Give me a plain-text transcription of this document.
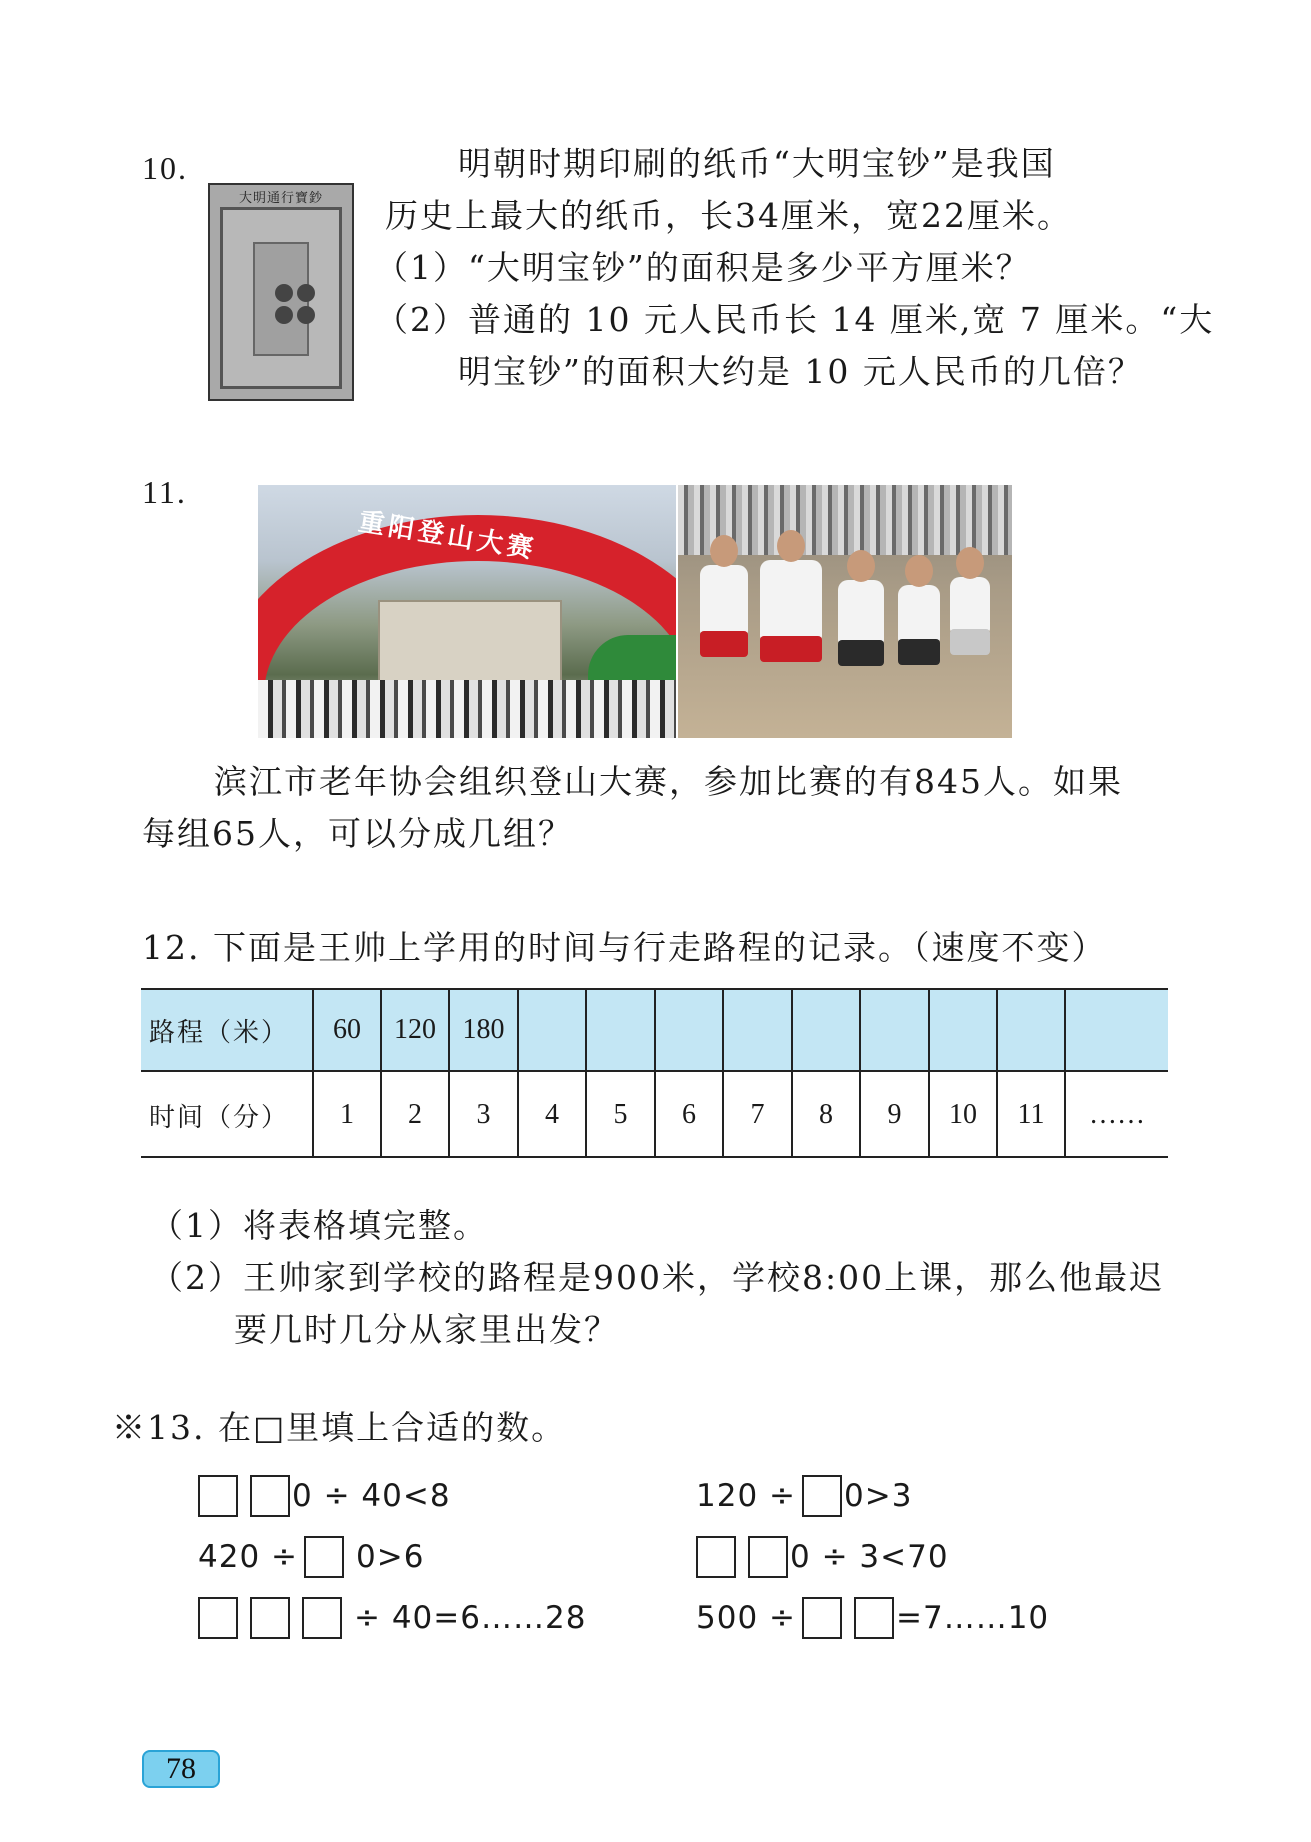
10.
大明通行寶鈔
明朝时期印刷的纸币“大明宝钞”是我国
历史上最大的纸币，长34厘米，宽22厘米。
（1）“大明宝钞”的面积是多少平方厘米？
（2）普通的 10 元人民币长 14 厘米,宽 7 厘米。“大
明宝钞”的面积大约是 10 元人民币的几倍？
11.
重阳登山大赛
滨江市老年协会组织登山大赛，参加比赛的有845人。如果
每组65人，可以分成几组？
12. 下面是王帅上学用的时间与行走路程的记录。（速度不变）
路程（米）	60	120	180									
时间（分）	1	2	3	4	5	6	7	8	9	10	11	……
（1）将表格填完整。
（2）王帅家到学校的路程是900米，学校8:00上课，那么他最迟
要几时几分从家里出发？
※13. 在□里填上合适的数。
0 ÷ 40<8	120 ÷ 0>3
420 ÷ 0>6	0 ÷ 3<70
÷ 40=6……28	500 ÷	=7……10
78
